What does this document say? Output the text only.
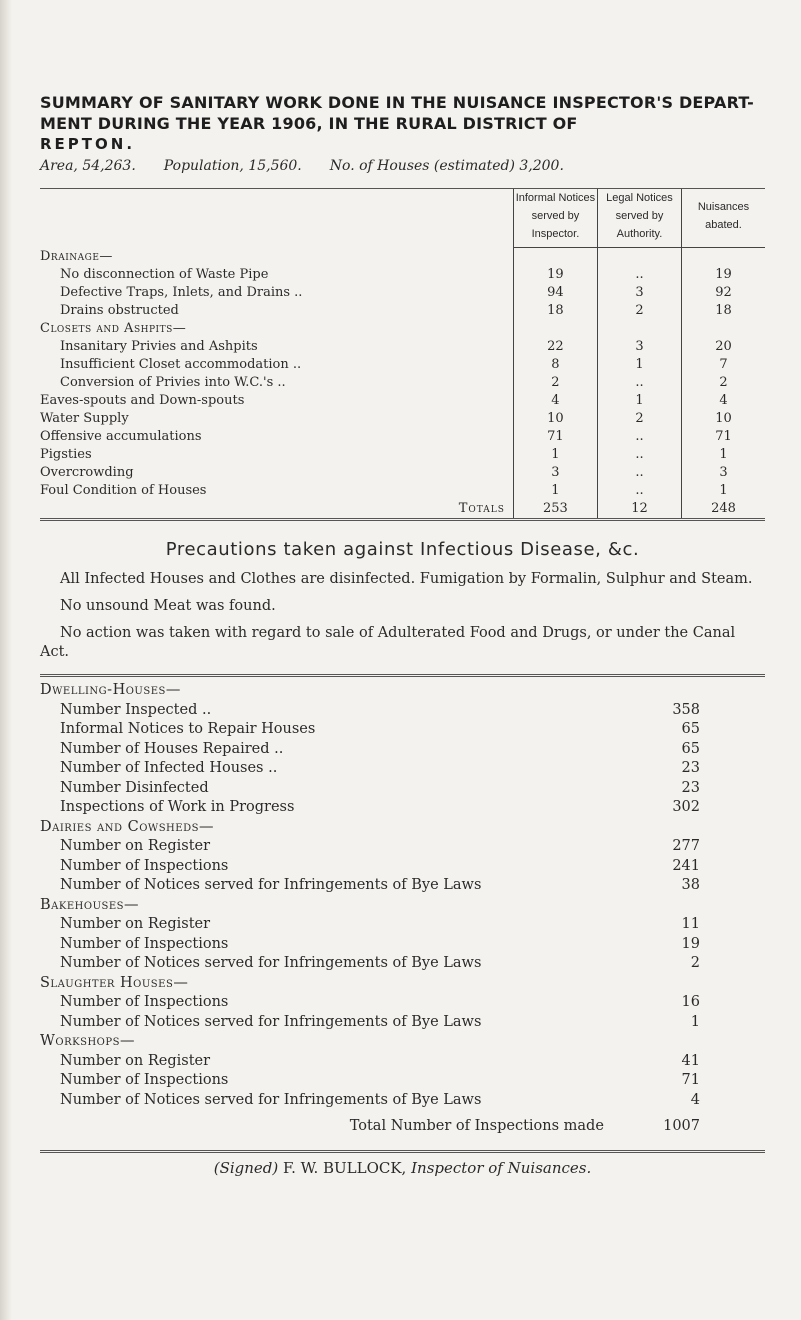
SUMMARY OF SANITARY WORK DONE IN THE NUISANCE INSPECTOR'S DEPART-
MENT DURING THE YEAR 1906, IN THE RURAL DISTRICT OF
REPTON.
Area, 54,263. Population, 15,560. No. of Houses (estimated) 3,200.
	Informal Notices served by Inspector.	Legal Notices served by Authority.	Nuisances abated.
Drainage—			
No disconnection of Waste Pipe	19	..	19
Defective Traps, Inlets, and Drains ..	94	3	92
Drains obstructed	18	2	18
Closets and Ashpits—			
Insanitary Privies and Ashpits	22	3	20
Insufficient Closet accommodation ..	8	1	7
Conversion of Privies into W.C.'s ..	2	..	2
Eaves-spouts and Down-spouts	4	1	4
Water Supply	10	2	10
Offensive accumulations	71	..	71
Pigsties	1	..	1
Overcrowding	3	..	3
Foul Condition of Houses	1	..	1
Totals	253	12	248
Precautions taken against Infectious Disease, &c.

All Infected Houses and Clothes are disinfected. Fumigation by Formalin, Sulphur and Steam.

No unsound Meat was found.

No action was taken with regard to sale of Adulterated Food and Drugs, or under the Canal Act.

Dwelling-Houses—	
Number Inspected ..	358
Informal Notices to Repair Houses	65
Number of Houses Repaired ..	65
Number of Infected Houses ..	23
Number Disinfected	23
Inspections of Work in Progress	302
Dairies and Cowsheds—	
Number on Register	277
Number of Inspections	241
Number of Notices served for Infringements of Bye Laws	38
Bakehouses—	
Number on Register	11
Number of Inspections	19
Number of Notices served for Infringements of Bye Laws	2
Slaughter Houses—	
Number of Inspections	16
Number of Notices served for Infringements of Bye Laws	1
Workshops—	
Number on Register	41
Number of Inspections	71
Number of Notices served for Infringements of Bye Laws	4
Total Number of Inspections made	1007
(Signed) F. W. BULLOCK, Inspector of Nuisances.
